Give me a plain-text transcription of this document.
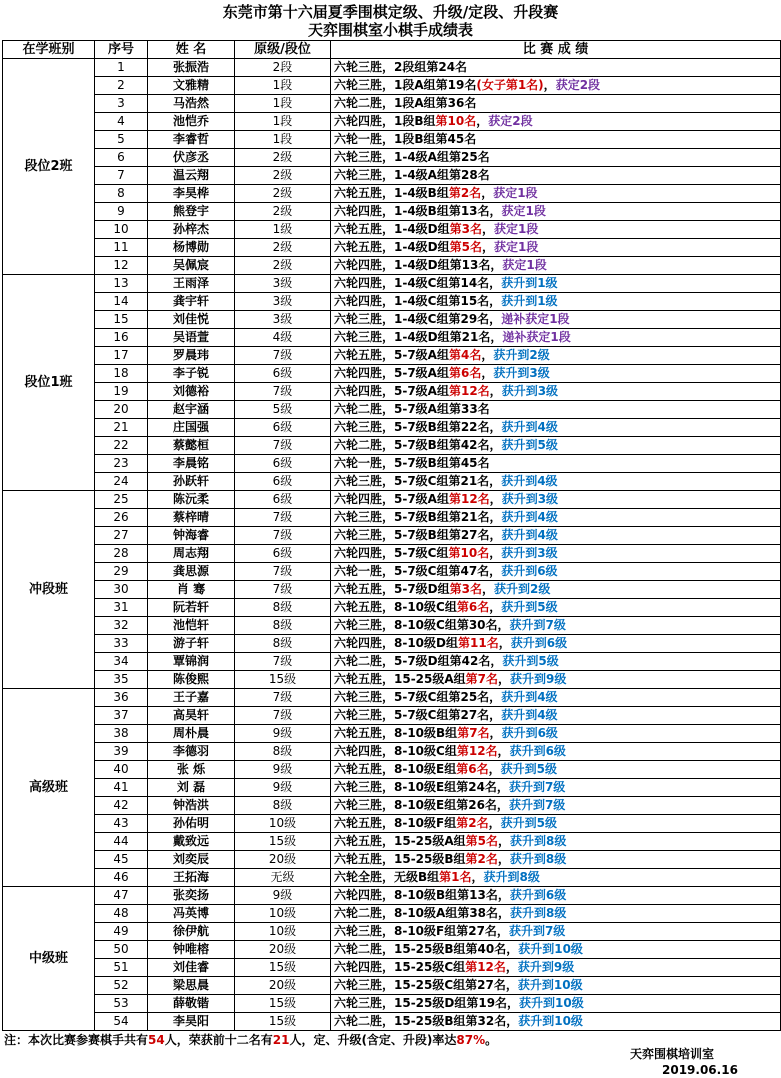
东莞市第十六届夏季围棋定级、升级/定段、升段赛
天弈围棋室小棋手成绩表
在学班别	序号	姓 名	原级/段位	比 赛 成 绩
段位2班	1	张振浩	2段	六轮三胜，2段组第24名
	2	文雅精	1段	六轮三胜，1段A组第19名(女子第1名)，获定2段
	3	马浩然	1段	六轮二胜，1段A组第36名
	4	池恺乔	1段	六轮四胜，1段B组第10名，获定2段
	5	李睿哲	1段	六轮一胜，1段B组第45名
	6	伏彦丞	2级	六轮三胜，1-4级A组第25名
	7	温云翔	2级	六轮三胜，1-4级A组第28名
	8	李昊桦	2级	六轮五胜，1-4级B组第2名，获定1段
	9	熊登宇	2级	六轮四胜，1-4级B组第13名，获定1段
	10	孙梓杰	1级	六轮五胜，1-4级D组第3名，获定1段
	11	杨博勋	2级	六轮五胜，1-4级D组第5名，获定1段
	12	吴佩宸	2级	六轮四胜，1-4级D组第13名，获定1段
段位1班	13	王雨泽	3级	六轮四胜，1-4级C组第14名，获升到1级
	14	龚宇轩	3级	六轮四胜，1-4级C组第15名，获升到1级
	15	刘佳悦	3级	六轮三胜，1-4级C组第29名，递补获定1段
	16	吴语萱	4级	六轮三胜，1-4级D组第21名，递补获定1段
	17	罗晨玮	7级	六轮五胜，5-7级A组第4名，获升到2级
	18	李子锐	6级	六轮四胜，5-7级A组第6名，获升到3级
	19	刘德裕	7级	六轮四胜，5-7级A组第12名，获升到3级
	20	赵宇涵	5级	六轮二胜，5-7级A组第33名
	21	庄国强	6级	六轮三胜，5-7级B组第22名，获升到4级
	22	蔡懿桓	7级	六轮二胜，5-7级B组第42名，获升到5级
	23	李晨铭	6级	六轮一胜，5-7级B组第45名
	24	孙跃轩	6级	六轮三胜，5-7级C组第21名，获升到4级
冲段班	25	陈沅柔	6级	六轮四胜，5-7级A组第12名，获升到3级
	26	蔡梓晴	7级	六轮三胜，5-7级B组第21名，获升到4级
	27	钟海睿	7级	六轮三胜，5-7级B组第27名，获升到4级
	28	周志翔	6级	六轮四胜，5-7级C组第10名，获升到3级
	29	龚思源	7级	六轮一胜，5-7级C组第47名，获升到6级
	30	肖 骞	7级	六轮五胜，5-7级D组第3名，获升到2级
	31	阮若轩	8级	六轮五胜，8-10级C组第6名，获升到5级
	32	池恺轩	8级	六轮三胜，8-10级C组第30名，获升到7级
	33	游子轩	8级	六轮四胜，8-10级D组第11名，获升到6级
	34	覃锦润	7级	六轮二胜，5-7级D组第42名，获升到5级
	35	陈俊熙	15级	六轮五胜，15-25级A组第7名，获升到9级
高级班	36	王子嘉	7级	六轮三胜，5-7级C组第25名，获升到4级
	37	高昊轩	7级	六轮三胜，5-7级C组第27名，获升到4级
	38	周朴晨	9级	六轮五胜，8-10级B组第7名，获升到6级
	39	李德羽	8级	六轮四胜，8-10级C组第12名，获升到6级
	40	张 烁	9级	六轮五胜，8-10级E组第6名，获升到5级
	41	刘 磊	9级	六轮三胜，8-10级E组第24名，获升到7级
	42	钟浩洪	8级	六轮三胜，8-10级E组第26名，获升到7级
	43	孙佑明	10级	六轮五胜，8-10级F组第2名，获升到5级
	44	戴致远	15级	六轮五胜，15-25级A组第5名，获升到8级
	45	刘奕辰	20级	六轮五胜，15-25级B组第2名，获升到8级
	46	王拓海	无级	六轮全胜，无级B组第1名，获升到8级
中级班	47	张奕扬	9级	六轮四胜，8-10级B组第13名，获升到6级
	48	冯英博	10级	六轮二胜，8-10级A组第38名，获升到8级
	49	徐伊航	10级	六轮三胜，8-10级F组第27名，获升到7级
	50	钟唯榕	20级	六轮二胜，15-25级B组第40名，获升到10级
	51	刘佳睿	15级	六轮四胜，15-25级C组第12名，获升到9级
	52	梁思晨	20级	六轮三胜，15-25级C组第27名，获升到10级
	53	薛敬锴	15级	六轮三胜，15-25级D组第19名，获升到10级
	54	李昊阳	15级	六轮二胜，15-25级B组第32名，获升到10级
注：本次比赛参赛棋手共有54人，荣获前十二名有21人，定、升级(含定、升段)率达87%。
天弈围棋培训室
2019.06.16
